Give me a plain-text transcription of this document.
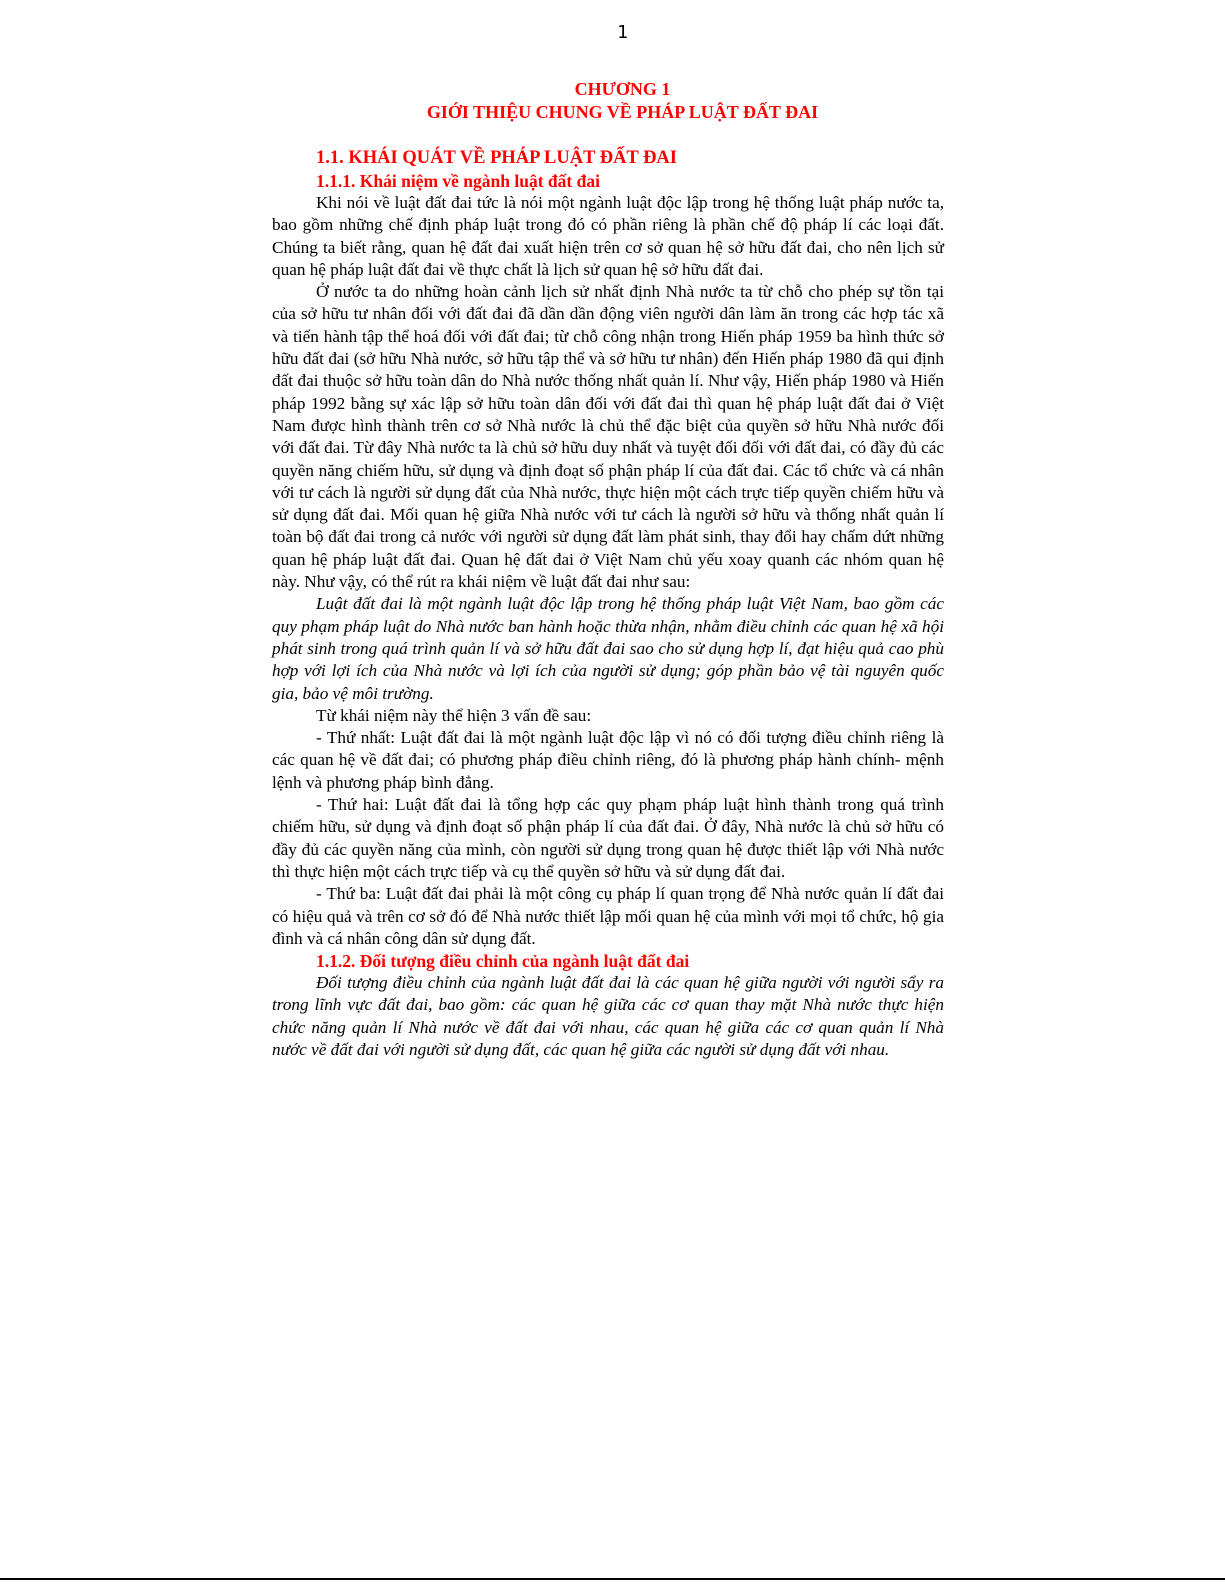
1
CHƯƠNG 1
GIỚI THIỆU CHUNG VỀ PHÁP LUẬT ĐẤT ĐAI
1.1. KHÁI QUÁT VỀ PHÁP LUẬT ĐẤT ĐAI
1.1.1. Khái niệm về ngành luật đất đai

Khi nói về luật đất đai tức là nói một ngành luật độc lập trong hệ thống luật pháp nước ta, bao gồm những chế định pháp luật trong đó có phần riêng là phần chế độ pháp lí các loại đất. Chúng ta biết rằng, quan hệ đất đai xuất hiện trên cơ sở quan hệ sở hữu đất đai, cho nên lịch sử quan hệ pháp luật đất đai về thực chất là lịch sử quan hệ sở hữu đất đai.

Ở nước ta do những hoàn cảnh lịch sử nhất định Nhà nước ta từ chỗ cho phép sự tồn tại của sở hữu tư nhân đối với đất đai đã dần dần động viên người dân làm ăn trong các hợp tác xã và tiến hành tập thể hoá đối với đất đai; từ chỗ công nhận trong Hiến pháp 1959 ba hình thức sở hữu đất đai (sở hữu Nhà nước, sở hữu tập thể và sở hữu tư nhân) đến Hiến pháp 1980 đã qui định đất đai thuộc sở hữu toàn dân do Nhà nước thống nhất quản lí. Như vậy, Hiến pháp 1980 và Hiến pháp 1992 bằng sự xác lập sở hữu toàn dân đối với đất đai thì quan hệ pháp luật đất đai ở Việt Nam được hình thành trên cơ sở Nhà nước là chủ thể đặc biệt của quyền sở hữu Nhà nước đối với đất đai. Từ đây Nhà nước ta là chủ sở hữu duy nhất và tuyệt đối đối với đất đai, có đầy đủ các quyền năng chiếm hữu, sử dụng và định đoạt số phận pháp lí của đất đai. Các tổ chức và cá nhân với tư cách là người sử dụng đất của Nhà nước, thực hiện một cách trực tiếp quyền chiếm hữu và sử dụng đất đai. Mối quan hệ giữa Nhà nước với tư cách là người sở hữu và thống nhất quản lí toàn bộ đất đai trong cả nước với người sử dụng đất làm phát sinh, thay đổi hay chấm dứt những quan hệ pháp luật đất đai. Quan hệ đất đai ở Việt Nam chủ yếu xoay quanh các nhóm quan hệ này. Như vậy, có thể rút ra khái niệm về luật đất đai như sau:

Luật đất đai là một ngành luật độc lập trong hệ thống pháp luật Việt Nam, bao gồm các quy phạm pháp luật do Nhà nước ban hành hoặc thừa nhận, nhằm điều chỉnh các quan hệ xã hội phát sinh trong quá trình quản lí và sở hữu đất đai sao cho sử dụng hợp lí, đạt hiệu quả cao phù hợp với lợi ích của Nhà nước và lợi ích của người sử dụng; góp phần bảo vệ tài nguyên quốc gia, bảo vệ môi trường.

Từ khái niệm này thể hiện 3 vấn đề sau:

- Thứ nhất: Luật đất đai là một ngành luật độc lập vì nó có đối tượng điều chỉnh riêng là các quan hệ về đất đai; có phương pháp điều chỉnh riêng, đó là phương pháp hành chính- mệnh lệnh và phương pháp bình đẳng.

- Thứ hai: Luật đất đai là tổng hợp các quy phạm pháp luật hình thành trong quá trình chiếm hữu, sử dụng và định đoạt số phận pháp lí của đất đai. Ở đây, Nhà nước là chủ sở hữu có đầy đủ các quyền năng của mình, còn người sử dụng trong quan hệ được thiết lập với Nhà nước thì thực hiện một cách trực tiếp và cụ thể quyền sở hữu và sử dụng đất đai.

- Thứ ba: Luật đất đai phải là một công cụ pháp lí quan trọng để Nhà nước quản lí đất đai có hiệu quả và trên cơ sở đó để Nhà nước thiết lập mối quan hệ của mình với mọi tổ chức, hộ gia đình và cá nhân công dân sử dụng đất.

1.1.2. Đối tượng điều chỉnh của ngành luật đất đai

Đối tượng điều chỉnh của ngành luật đất đai là các quan hệ giữa người với người sẩy ra trong lĩnh vực đất đai, bao gồm: các quan hệ giữa các cơ quan thay mặt Nhà nước thực hiện chức năng quản lí Nhà nước về đất đai với nhau, các quan hệ giữa các cơ quan quản lí Nhà nước về đất đai với người sử dụng đất, các quan hệ giữa các người sử dụng đất với nhau.
